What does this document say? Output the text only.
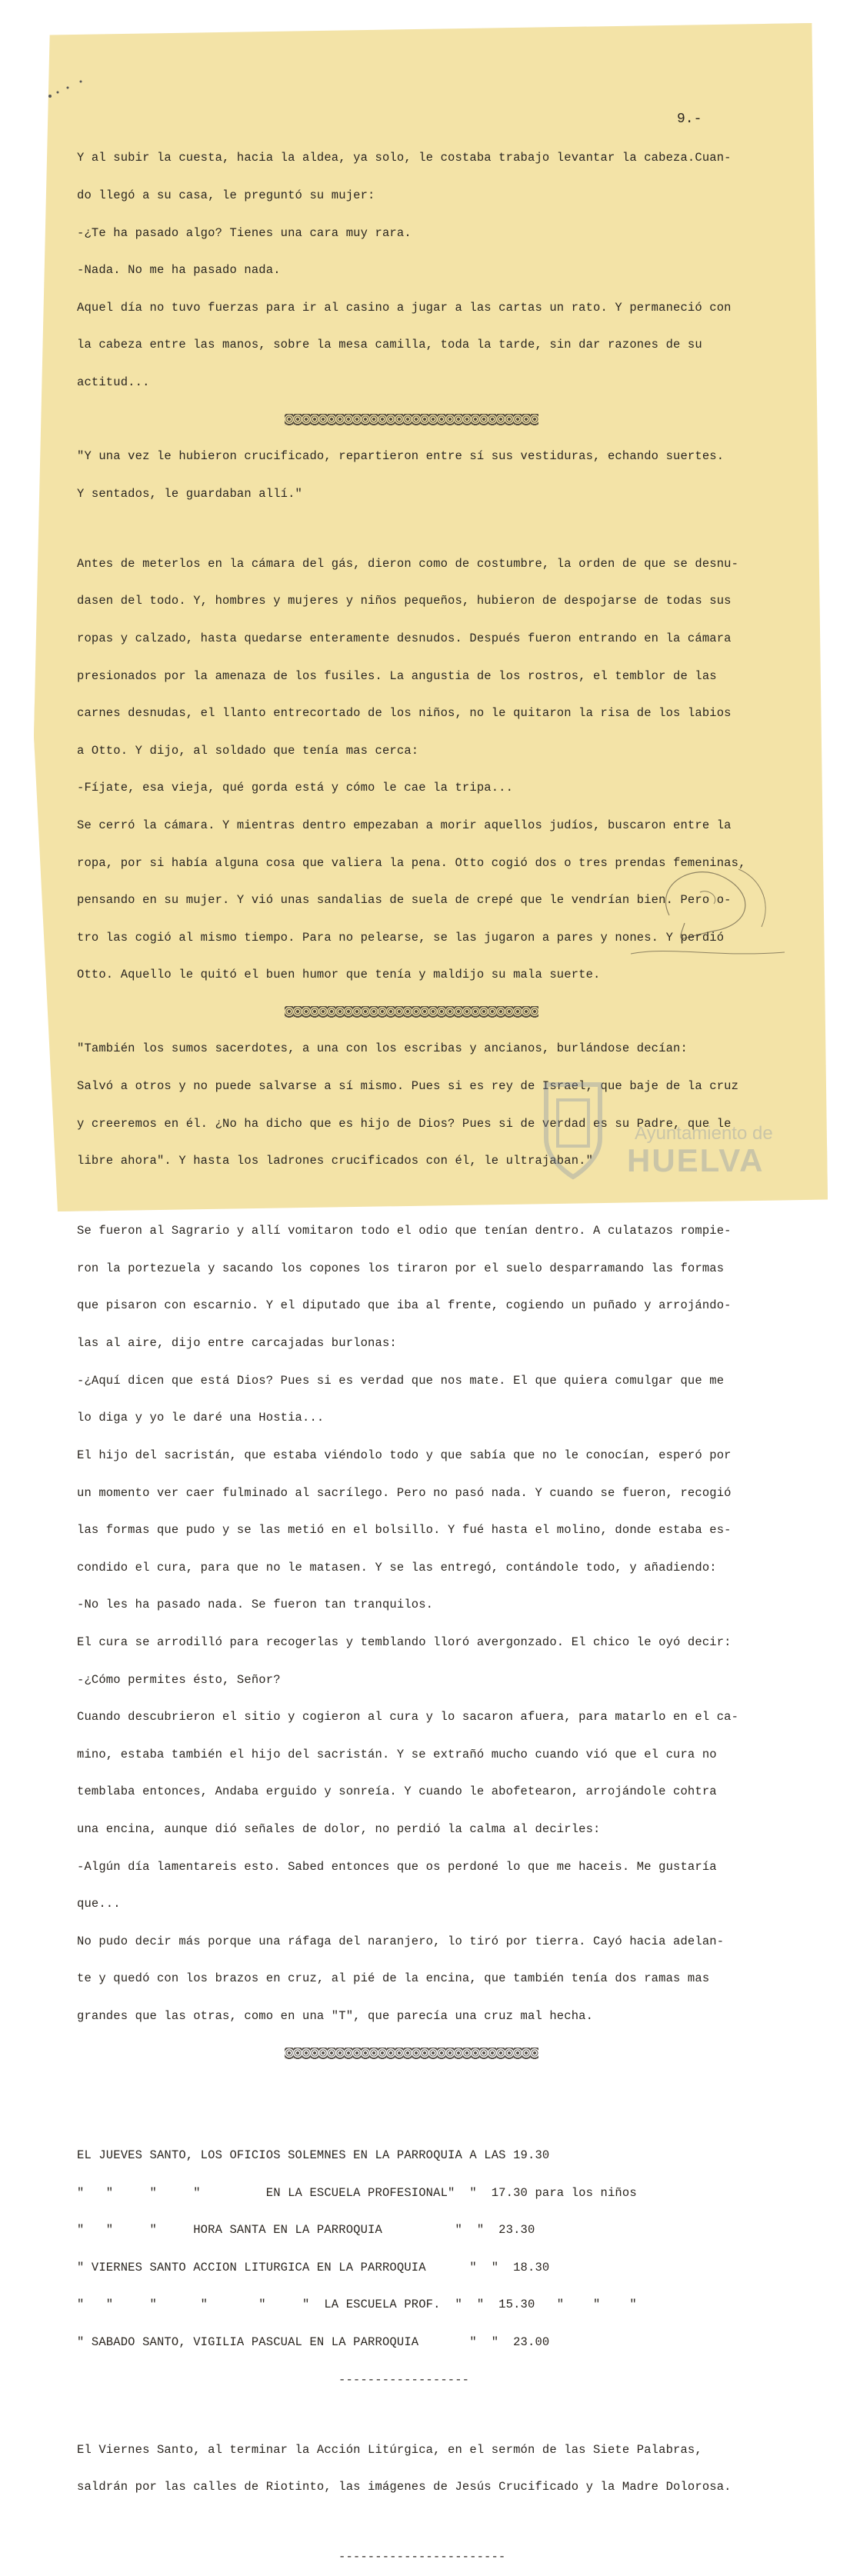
9.-

Y al subir la cuesta, hacia la aldea, ya solo, le costaba trabajo levantar la cabeza.Cuan-

do llegó a su casa, le preguntó su mujer:

-¿Te ha pasado algo? Tienes una cara muy rara.

-Nada. No me ha pasado nada.

Aquel día no tuvo fuerzas para ir al casino a jugar a las cartas un rato. Y permaneció con

la cabeza entre las manos, sobre la mesa camilla, toda la tarde, sin dar razones de su

actitud...

"Y una vez le hubieron crucificado, repartieron entre sí sus vestiduras, echando suertes.

Y sentados, le guardaban allí."

Antes de meterlos en la cámara del gás, dieron como de costumbre, la orden de que se desnu-

dasen del todo. Y, hombres y mujeres y niños pequeños, hubieron de despojarse de todas sus

ropas y calzado, hasta quedarse enteramente desnudos. Después fueron entrando en la cámara

presionados por la amenaza de los fusiles. La angustia de los rostros, el temblor de las

carnes desnudas, el llanto entrecortado de los niños, no le quitaron la risa de los labios

a Otto. Y dijo, al soldado que tenía mas cerca:

-Fíjate, esa vieja, qué gorda está y cómo le cae la tripa...

Se cerró la cámara. Y mientras dentro empezaban a morir aquellos judíos, buscaron entre la

ropa, por si había alguna cosa que valiera la pena. Otto cogió dos o tres prendas femeninas,

pensando en su mujer. Y vió unas sandalias de suela de crepé que le vendrían bien. Pero o-

tro las cogió al mismo tiempo. Para no pelearse, se las jugaron a pares y nones. Y perdió

Otto. Aquello le quitó el buen humor que tenía y maldijo su mala suerte.

"También los sumos sacerdotes, a una con los escribas y ancianos, burlándose decían:

Salvó a otros y no puede salvarse a sí mismo. Pues si es rey de Israel, que baje de la cruz

y creeremos en él. ¿No ha dicho que es hijo de Dios? Pues si de verdad es su Padre, que le

libre ahora". Y hasta los ladrones crucificados con él, le ultrajaban."

Se fueron al Sagrario y allí vomitaron todo el odio que tenían dentro. A culatazos rompie-

ron la portezuela y sacando los copones los tiraron por el suelo desparramando las formas

que pisaron con escarnio. Y el diputado que iba al frente, cogiendo un puñado y arrojándo-

las al aire, dijo entre carcajadas burlonas:

-¿Aquí dicen que está Dios? Pues si es verdad que nos mate. El que quiera comulgar que me

lo diga y yo le daré una Hostia...

El hijo del sacristán, que estaba viéndolo todo y que sabía que no le conocían, esperó por

un momento ver caer fulminado al sacrílego. Pero no pasó nada. Y cuando se fueron, recogió

las formas que pudo y se las metió en el bolsillo. Y fué hasta el molino, donde estaba es-

condido el cura, para que no le matasen. Y se las entregó, contándole todo, y añadiendo:

-No les ha pasado nada. Se fueron tan tranquilos.

El cura se arrodilló para recogerlas y temblando lloró avergonzado. El chico le oyó decir:

-¿Cómo permites ésto, Señor?

Cuando descubrieron el sitio y cogieron al cura y lo sacaron afuera, para matarlo en el ca-

mino, estaba también el hijo del sacristán. Y se extrañó mucho cuando vió que el cura no

temblaba entonces, Andaba erguido y sonreía. Y cuando le abofetearon, arrojándole cohtra

una encina, aunque dió señales de dolor, no perdió la calma al decirles:

-Algún día lamentareis esto. Sabed entonces que os perdoné lo que me haceis. Me gustaría

que...

No pudo decir más porque una ráfaga del naranjero, lo tiró por tierra. Cayó hacia adelan-

te y quedó con los brazos en cruz, al pié de la encina, que también tenía dos ramas mas

grandes que las otras, como en una "T", que parecía una cruz mal hecha.

EL JUEVES SANTO, LOS OFICIOS SOLEMNES EN LA PARROQUIA A LAS 19.30

"   "     "     "         EN LA ESCUELA PROFESIONAL"  "  17.30 para los niños

"   "     "     HORA SANTA EN LA PARROQUIA          "  "  23.30

" VIERNES SANTO ACCION LITURGICA EN LA PARROQUIA      "  "  18.30

"   "     "      "       "     "  LA ESCUELA PROF.  "  "  15.30   "    "    "

" SABADO SANTO, VIGILIA PASCUAL EN LA PARROQUIA       "  "  23.00

------------------

El Viernes Santo, al terminar la Acción Litúrgica, en el sermón de las Siete Palabras,

saldrán por las calles de Riotinto, las imágenes de Jesús Crucificado y la Madre Dolorosa.

-----------------------

Ayuntamiento de
HUELVA
